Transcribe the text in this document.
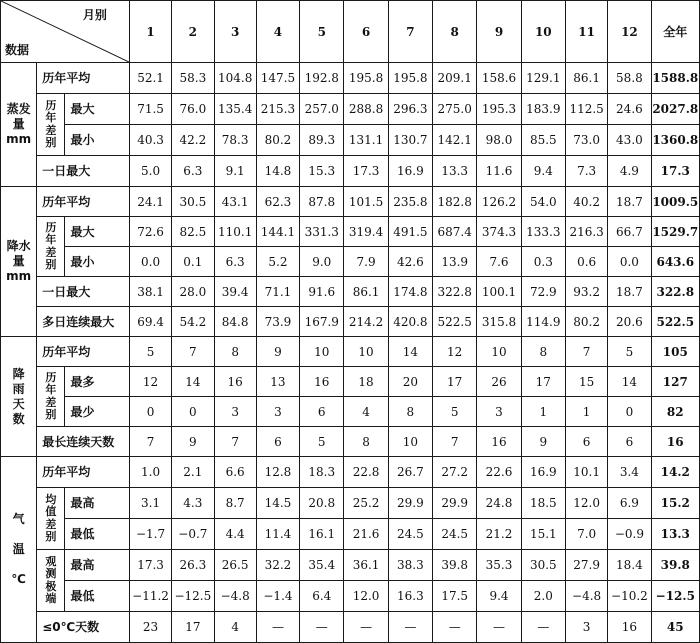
月别
数据			1	2	3	4	5	6	7	8	9	10	11	12	全年
蒸发量
mm	历年平均		52.1	58.3	104.8	147.5	192.8	195.8	195.8	209.1	158.6	129.1	86.1	58.8	1588.8
	历
年
差
别	最大	71.5	76.0	135.4	215.3	257.0	288.8	296.3	275.0	195.3	183.9	112.5	24.6	2027.8
		最小	40.3	42.2	78.3	80.2	89.3	131.1	130.7	142.1	98.0	85.5	73.0	43.0	1360.8
	一日最大		5.0	6.3	9.1	14.8	15.3	17.3	16.9	13.3	11.6	9.4	7.3	4.9	17.3
降水量
mm	历年平均		24.1	30.5	43.1	62.3	87.8	101.5	235.8	182.8	126.2	54.0	40.2	18.7	1009.5
	历
年
差
别	最大	72.6	82.5	110.1	144.1	331.3	319.4	491.5	687.4	374.3	133.3	216.3	66.7	1529.7
		最小	0.0	0.1	6.3	5.2	9.0	7.9	42.6	13.9	7.6	0.3	0.6	0.0	643.6
	一日最大		38.1	28.0	39.4	71.1	91.6	86.1	174.8	322.8	100.1	72.9	93.2	18.7	322.8
	多日连续最大		69.4	54.2	84.8	73.9	167.9	214.2	420.8	522.5	315.8	114.9	80.2	20.6	522.5
降
雨
天
数	历年平均		5	7	8	9	10	10	14	12	10	8	7	5	105
	历
年
差
别	最多	12	14	16	13	16	18	20	17	26	17	15	14	127
		最少	0	0	3	3	6	4	8	5	3	1	1	0	82
	最长连续天数		7	9	7	6	5	8	10	7	16	9	6	6	16
气

温

℃	历年平均		1.0	2.1	6.6	12.8	18.3	22.8	26.7	27.2	22.6	16.9	10.1	3.4	14.2
	均
值
差
别	最高	3.1	4.3	8.7	14.5	20.8	25.2	29.9	29.9	24.8	18.5	12.0	6.9	15.2
		最低	−1.7	−0.7	4.4	11.4	16.1	21.6	24.5	24.5	21.2	15.1	7.0	−0.9	13.3
	观
测
极
端	最高	17.3	26.3	26.5	32.2	35.4	36.1	38.3	39.8	35.3	30.5	27.9	18.4	39.8
		最低	−11.2	−12.5	−4.8	−1.4	6.4	12.0	16.3	17.5	9.4	2.0	−4.8	−10.2	−12.5
	≤0℃天数		23	17	4	—	—	—	—	—	—	—	3	16	45
